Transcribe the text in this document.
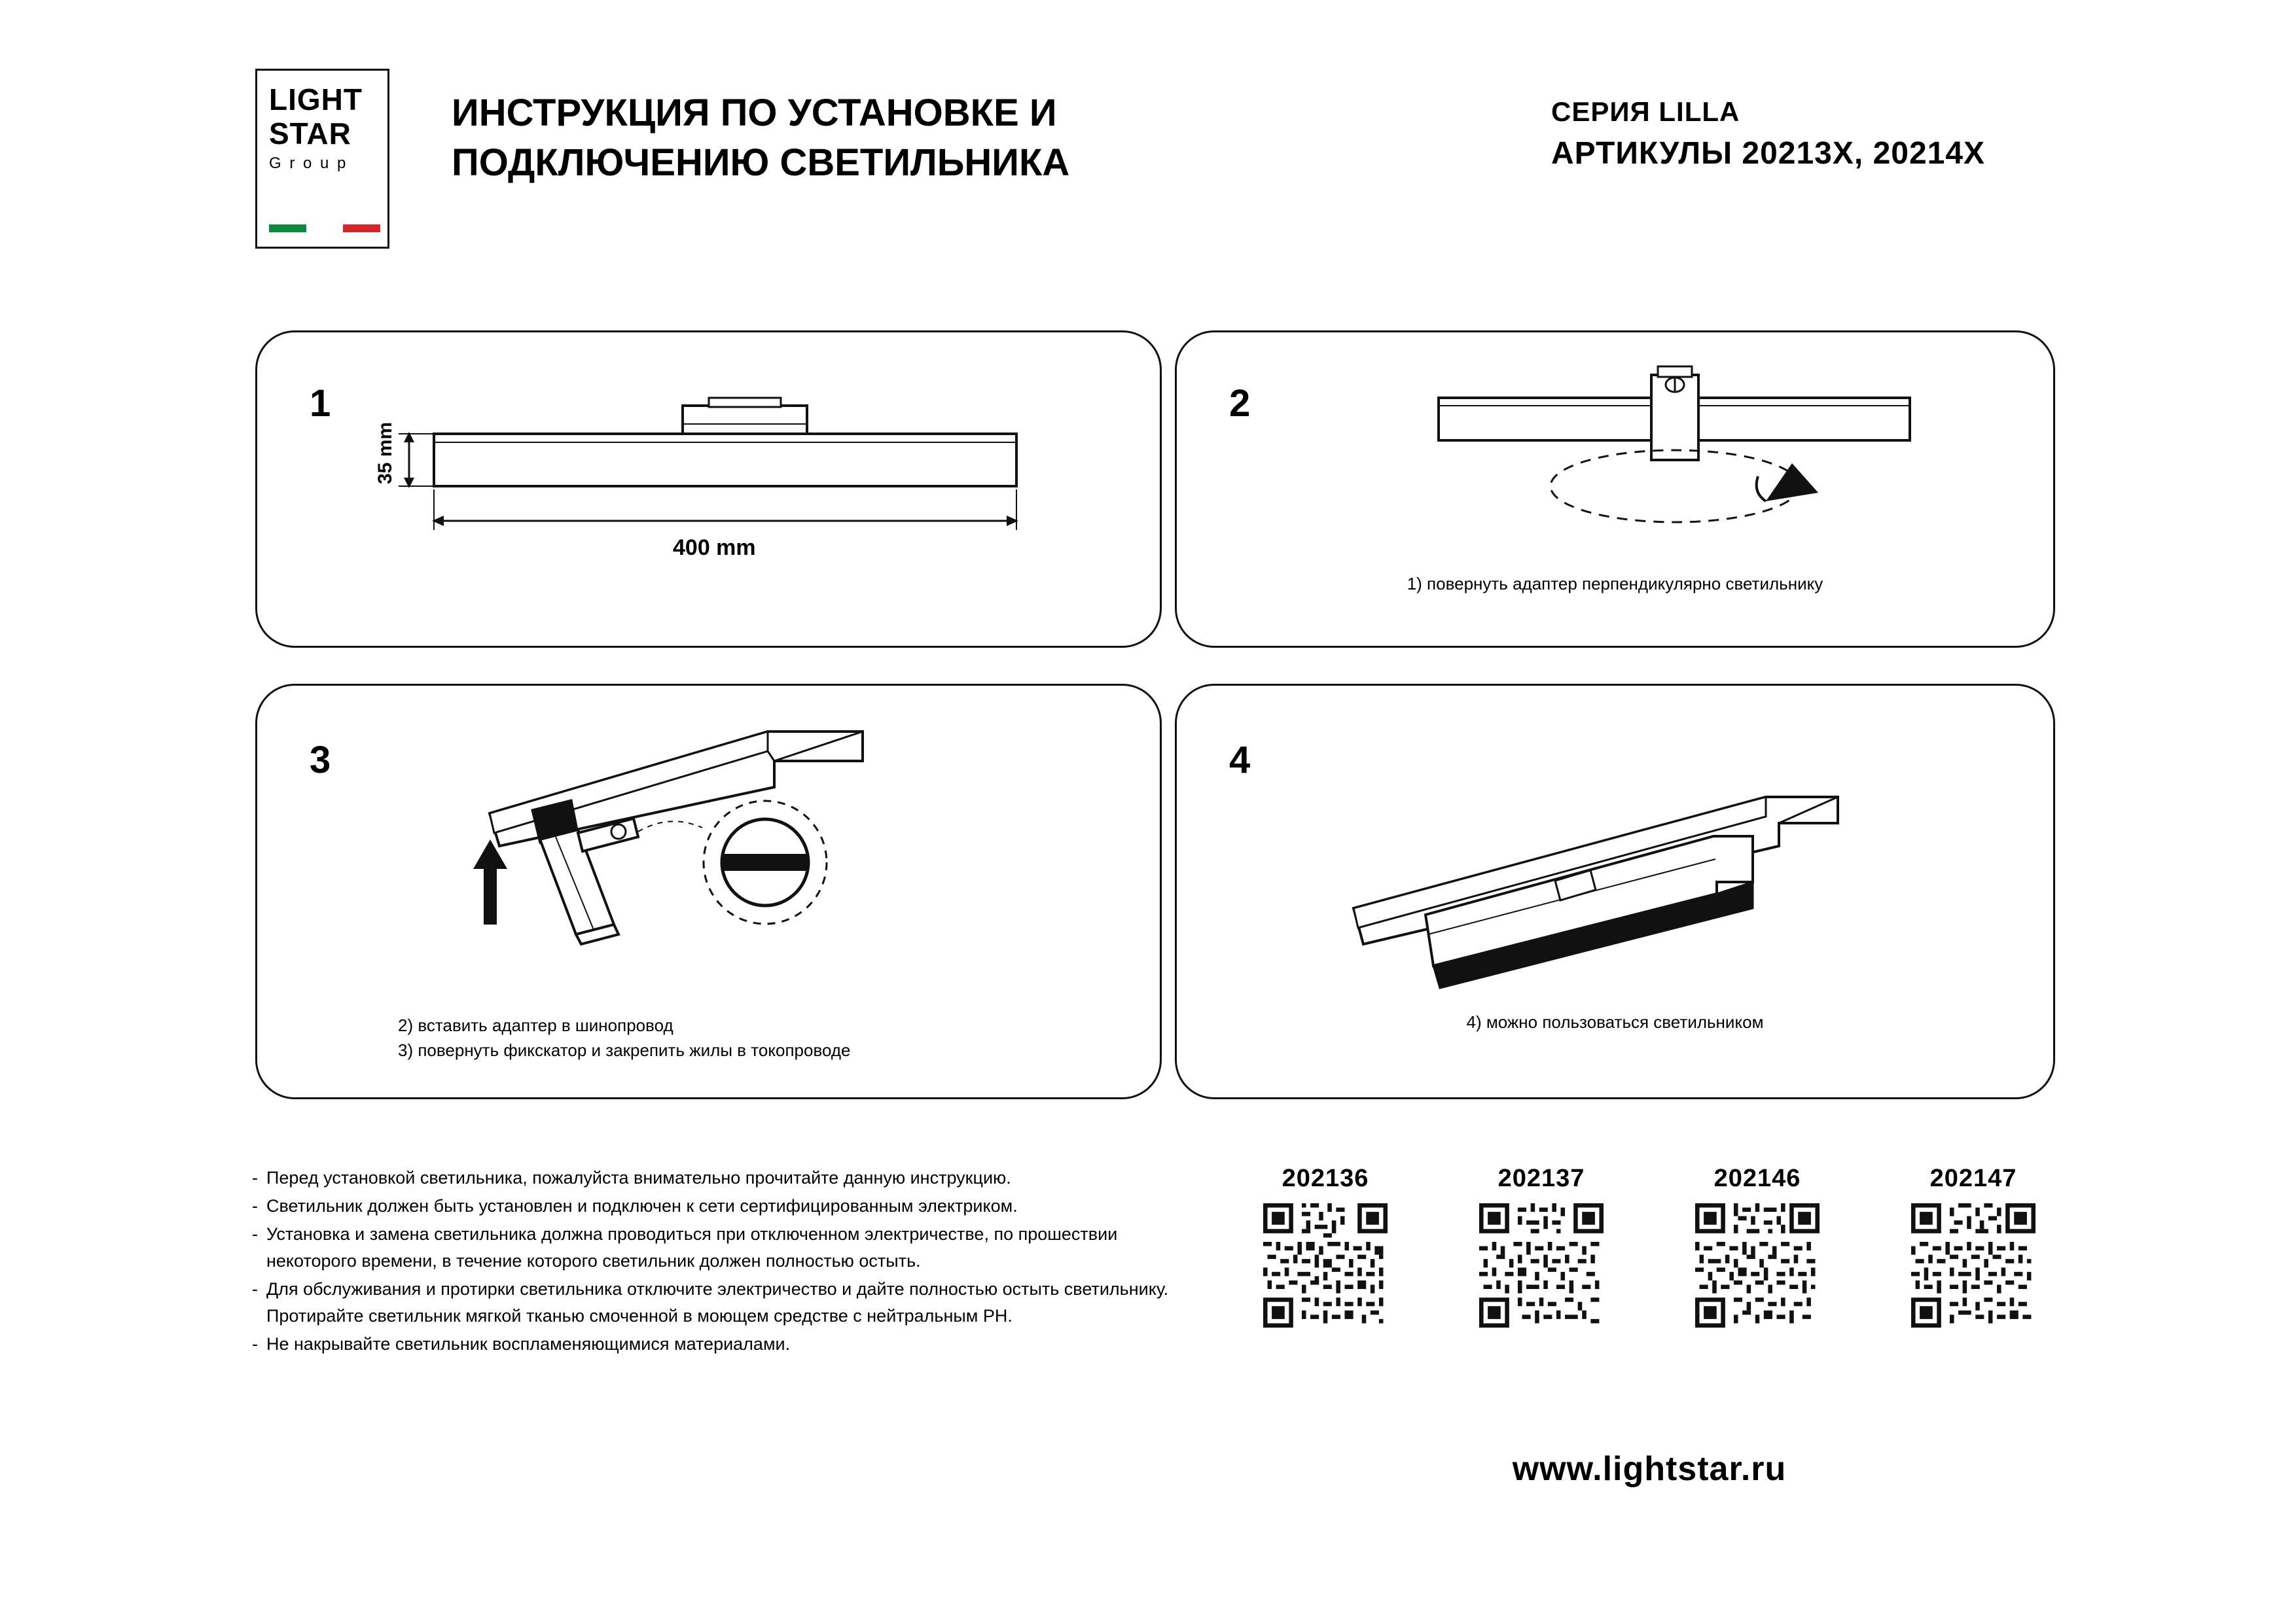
LIGHT
STAR
G r o u p
ИНСТРУКЦИЯ ПО УСТАНОВКЕ И ПОДКЛЮЧЕНИЮ СВЕТИЛЬНИКА
СЕРИЯ LILLA
АРТИКУЛЫ 20213X, 20214X
1
35 mm
400 mm
2
1) повернуть адаптер перпендикулярно светильнику
3
2) вставить адаптер в шинопровод
3) повернуть фикскатор и закрепить жилы в токопроводе
4
4) можно пользоваться светильником
- Перед установкой светильника, пожалуйста внимательно прочитайте данную инструкцию.
- Светильник должен быть установлен и подключен к сети сертифицированным электриком.
- Установка и замена светильника должна проводиться при отключенном электричестве, по прошествии некоторого времени, в течение которого светильник должен полностью остыть.
- Для обслуживания и протирки светильника отключите электричество и дайте полностью остыть светильнику. Протирайте светильник мягкой тканью смоченной в моющем средстве с нейтральным РН.
- Не накрывайте светильник воспламеняющимися материалами.
202136	202137	202146	202147
www.lightstar.ru
